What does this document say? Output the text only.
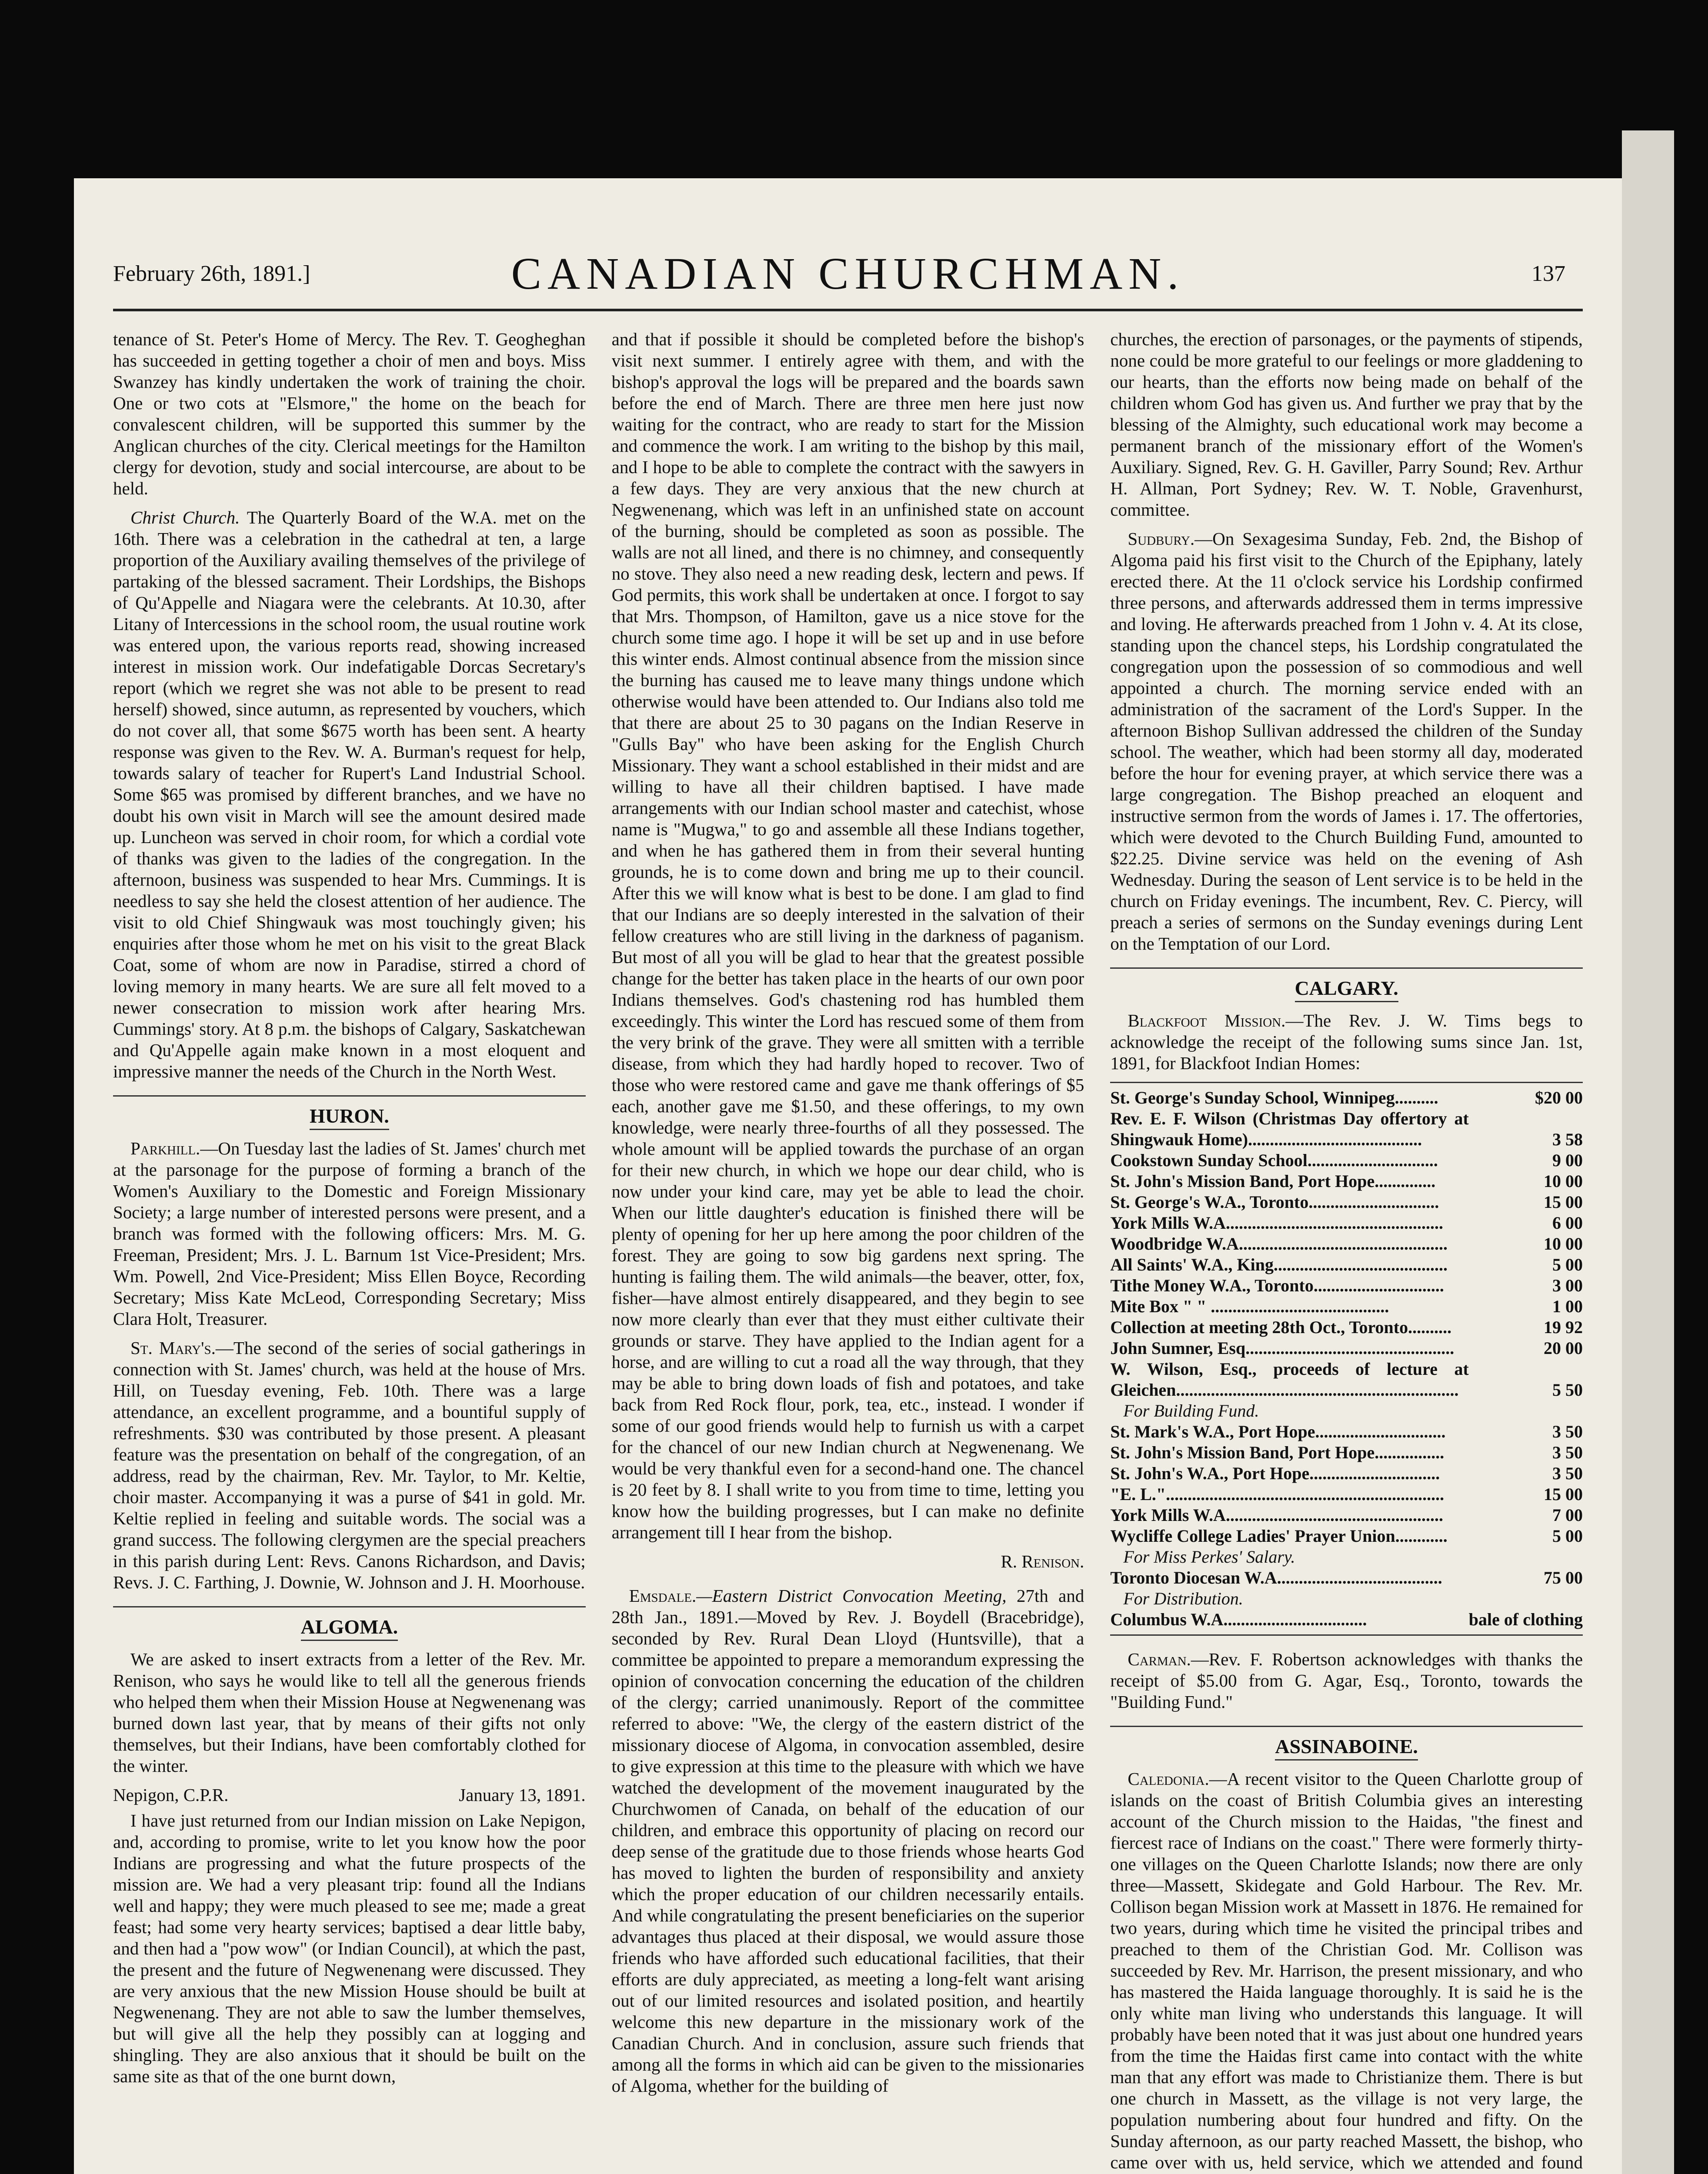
February 26th, 1891.]	CANADIAN CHURCHMAN.	137

tenance of St. Peter's Home of Mercy. The Rev. T. Geogheghan has succeeded in getting together a choir of men and boys. Miss Swanzey has kindly undertaken the work of training the choir. One or two cots at "Elsmore," the home on the beach for convalescent children, will be supported this summer by the Anglican churches of the city. Clerical meetings for the Hamilton clergy for devotion, study and social intercourse, are about to be held.

Christ Church. The Quarterly Board of the W.A. met on the 16th. There was a celebration in the cathedral at ten, a large proportion of the Auxiliary availing themselves of the privilege of partaking of the blessed sacrament. Their Lordships, the Bishops of Qu'Appelle and Niagara were the celebrants. At 10.30, after Litany of Intercessions in the school room, the usual routine work was entered upon, the various reports read, showing increased interest in mission work. Our indefatigable Dorcas Secretary's report (which we regret she was not able to be present to read herself) showed, since autumn, as represented by vouchers, which do not cover all, that some $675 worth has been sent. A hearty response was given to the Rev. W. A. Burman's request for help, towards salary of teacher for Rupert's Land Industrial School. Some $65 was promised by different branches, and we have no doubt his own visit in March will see the amount desired made up. Luncheon was served in choir room, for which a cordial vote of thanks was given to the ladies of the congregation. In the afternoon, business was suspended to hear Mrs. Cummings. It is needless to say she held the closest attention of her audience. The visit to old Chief Shingwauk was most touchingly given; his enquiries after those whom he met on his visit to the great Black Coat, some of whom are now in Paradise, stirred a chord of loving memory in many hearts. We are sure all felt moved to a newer consecration to mission work after hearing Mrs. Cummings' story. At 8 p.m. the bishops of Calgary, Saskatchewan and Qu'Appelle again make known in a most eloquent and impressive manner the needs of the Church in the North West.

HURON.

Parkhill.—On Tuesday last the ladies of St. James' church met at the parsonage for the purpose of forming a branch of the Women's Auxiliary to the Domestic and Foreign Missionary Society; a large number of interested persons were present, and a branch was formed with the following officers: Mrs. M. G. Freeman, President; Mrs. J. L. Barnum 1st Vice-President; Mrs. Wm. Powell, 2nd Vice-President; Miss Ellen Boyce, Recording Secretary; Miss Kate McLeod, Corresponding Secretary; Miss Clara Holt, Treasurer.

St. Mary's.—The second of the series of social gatherings in connection with St. James' church, was held at the house of Mrs. Hill, on Tuesday evening, Feb. 10th. There was a large attendance, an excellent programme, and a bountiful supply of refreshments. $30 was contributed by those present. A pleasant feature was the presentation on behalf of the congregation, of an address, read by the chairman, Rev. Mr. Taylor, to Mr. Keltie, choir master. Accompanying it was a purse of $41 in gold. Mr. Keltie replied in feeling and suitable words. The social was a grand success. The following clergymen are the special preachers in this parish during Lent: Revs. Canons Richardson, and Davis; Revs. J. C. Farthing, J. Downie, W. Johnson and J. H. Moorhouse.

ALGOMA.

We are asked to insert extracts from a letter of the Rev. Mr. Renison, who says he would like to tell all the generous friends who helped them when their Mission House at Negwenenang was burned down last year, that by means of their gifts not only themselves, but their Indians, have been comfortably clothed for the winter.

Nepigon, C.P.R.	January 13, 1891.

I have just returned from our Indian mission on Lake Nepigon, and, according to promise, write to let you know how the poor Indians are progressing and what the future prospects of the mission are. We had a very pleasant trip: found all the Indians well and happy; they were much pleased to see me; made a great feast; had some very hearty services; baptised a dear little baby, and then had a "pow wow" (or Indian Council), at which the past, the present and the future of Negwenenang were discussed. They are very anxious that the new Mission House should be built at Negwenenang. They are not able to saw the lumber themselves, but will give all the help they possibly can at logging and shingling. They are also anxious that it should be built on the same site as that of the one burnt down,

and that if possible it should be completed before the bishop's visit next summer. I entirely agree with them, and with the bishop's approval the logs will be prepared and the boards sawn before the end of March. There are three men here just now waiting for the contract, who are ready to start for the Mission and commence the work. I am writing to the bishop by this mail, and I hope to be able to complete the contract with the sawyers in a few days. They are very anxious that the new church at Negwenenang, which was left in an unfinished state on account of the burning, should be completed as soon as possible. The walls are not all lined, and there is no chimney, and consequently no stove. They also need a new reading desk, lectern and pews. If God permits, this work shall be undertaken at once. I forgot to say that Mrs. Thompson, of Hamilton, gave us a nice stove for the church some time ago. I hope it will be set up and in use before this winter ends. Almost continual absence from the mission since the burning has caused me to leave many things undone which otherwise would have been attended to. Our Indians also told me that there are about 25 to 30 pagans on the Indian Reserve in "Gulls Bay" who have been asking for the English Church Missionary. They want a school established in their midst and are willing to have all their children baptised. I have made arrangements with our Indian school master and catechist, whose name is "Mugwa," to go and assemble all these Indians together, and when he has gathered them in from their several hunting grounds, he is to come down and bring me up to their council. After this we will know what is best to be done. I am glad to find that our Indians are so deeply interested in the salvation of their fellow creatures who are still living in the darkness of paganism. But most of all you will be glad to hear that the greatest possible change for the better has taken place in the hearts of our own poor Indians themselves. God's chastening rod has humbled them exceedingly. This winter the Lord has rescued some of them from the very brink of the grave. They were all smitten with a terrible disease, from which they had hardly hoped to recover. Two of those who were restored came and gave me thank offerings of $5 each, another gave me $1.50, and these offerings, to my own knowledge, were nearly three-fourths of all they possessed. The whole amount will be applied towards the purchase of an organ for their new church, in which we hope our dear child, who is now under your kind care, may yet be able to lead the choir. When our little daughter's education is finished there will be plenty of opening for her up here among the poor children of the forest. They are going to sow big gardens next spring. The hunting is failing them. The wild animals—the beaver, otter, fox, fisher—have almost entirely disappeared, and they begin to see now more clearly than ever that they must either cultivate their grounds or starve. They have applied to the Indian agent for a horse, and are willing to cut a road all the way through, that they may be able to bring down loads of fish and potatoes, and take back from Red Rock flour, pork, tea, etc., instead. I wonder if some of our good friends would help to furnish us with a carpet for the chancel of our new Indian church at Negwenenang. We would be very thankful even for a second-hand one. The chancel is 20 feet by 8. I shall write to you from time to time, letting you know how the building progresses, but I can make no definite arrangement till I hear from the bishop.

R. Renison.

Emsdale.—Eastern District Convocation Meeting, 27th and 28th Jan., 1891.—Moved by Rev. J. Boydell (Bracebridge), seconded by Rev. Rural Dean Lloyd (Huntsville), that a committee be appointed to prepare a memorandum expressing the opinion of convocation concerning the education of the children of the clergy; carried unanimously. Report of the committee referred to above: "We, the clergy of the eastern district of the missionary diocese of Algoma, in convocation assembled, desire to give expression at this time to the pleasure with which we have watched the development of the movement inaugurated by the Churchwomen of Canada, on behalf of the education of our children, and embrace this opportunity of placing on record our deep sense of the gratitude due to those friends whose hearts God has moved to lighten the burden of responsibility and anxiety which the proper education of our children necessarily entails. And while congratulating the present beneficiaries on the superior advantages thus placed at their disposal, we would assure those friends who have afforded such educational facilities, that their efforts are duly appreciated, as meeting a long-felt want arising out of our limited resources and isolated position, and heartily welcome this new departure in the missionary work of the Canadian Church. And in conclusion, assure such friends that among all the forms in which aid can be given to the missionaries of Algoma, whether for the building of

churches, the erection of parsonages, or the payments of stipends, none could be more grateful to our feelings or more gladdening to our hearts, than the efforts now being made on behalf of the children whom God has given us. And further we pray that by the blessing of the Almighty, such educational work may become a permanent branch of the missionary effort of the Women's Auxiliary. Signed, Rev. G. H. Gaviller, Parry Sound; Rev. Arthur H. Allman, Port Sydney; Rev. W. T. Noble, Gravenhurst, committee.

Sudbury.—On Sexagesima Sunday, Feb. 2nd, the Bishop of Algoma paid his first visit to the Church of the Epiphany, lately erected there. At the 11 o'clock service his Lordship confirmed three persons, and afterwards addressed them in terms impressive and loving. He afterwards preached from 1 John v. 4. At its close, standing upon the chancel steps, his Lordship congratulated the congregation upon the possession of so commodious and well appointed a church. The morning service ended with an administration of the sacrament of the Lord's Supper. In the afternoon Bishop Sullivan addressed the children of the Sunday school. The weather, which had been stormy all day, moderated before the hour for evening prayer, at which service there was a large congregation. The Bishop preached an eloquent and instructive sermon from the words of James i. 17. The offertories, which were devoted to the Church Building Fund, amounted to $22.25. Divine service was held on the evening of Ash Wednesday. During the season of Lent service is to be held in the church on Friday evenings. The incumbent, Rev. C. Piercy, will preach a series of sermons on the Sunday evenings during Lent on the Temptation of our Lord.

CALGARY.

Blackfoot Mission.—The Rev. J. W. Tims begs to acknowledge the receipt of the following sums since Jan. 1st, 1891, for Blackfoot Indian Homes:

St. George's Sunday School, Winnipeg..........	$20 00
Rev. E. F. Wilson (Christmas Day offertory at Shingwauk Home)........................................	3 58
Cookstown Sunday School..............................	9 00
St. John's Mission Band, Port Hope..............	10 00
St. George's W.A., Toronto..............................	15 00
York Mills W.A..................................................	6 00
Woodbridge W.A................................................	10 00
All Saints' W.A., King........................................	5 00
Tithe Money W.A., Toronto..............................	3 00
Mite Box " " .........................................	1 00
Collection at meeting 28th Oct., Toronto..........	19 92
John Sumner, Esq................................................	20 00
W. Wilson, Esq., proceeds of lecture at Gleichen.................................................................	5 50
For Building Fund.	
St. Mark's W.A., Port Hope..............................	3 50
St. John's Mission Band, Port Hope................	3 50
St. John's W.A., Port Hope..............................	3 50
"E. L."................................................................	15 00
York Mills W.A..................................................	7 00
Wycliffe College Ladies' Prayer Union............	5 00
For Miss Perkes' Salary.	
Toronto Diocesan W.A......................................	75 00
For Distribution.	
Columbus W.A.................................	bale of clothing

Carman.—Rev. F. Robertson acknowledges with thanks the receipt of $5.00 from G. Agar, Esq., Toronto, towards the "Building Fund."

ASSINABOINE.

Caledonia.—A recent visitor to the Queen Charlotte group of islands on the coast of British Columbia gives an interesting account of the Church mission to the Haidas, "the finest and fiercest race of Indians on the coast." There were formerly thirty-one villages on the Queen Charlotte Islands; now there are only three—Massett, Skidegate and Gold Harbour. The Rev. Mr. Collison began Mission work at Massett in 1876. He remained for two years, during which time he visited the principal tribes and preached to them of the Christian God. Mr. Collison was succeeded by Rev. Mr. Harrison, the present missionary, and who has mastered the Haida language thoroughly. It is said he is the only white man living who understands this language. It will probably have been noted that it was just about one hundred years from the time the Haidas first came into contact with the white man that any effort was made to Christianize them. There is but one church in Massett, as the village is not very large, the population numbering about four hundred and fifty. On the Sunday afternoon, as our party reached Massett, the bishop, who came over with us, held service, which we attended and found
